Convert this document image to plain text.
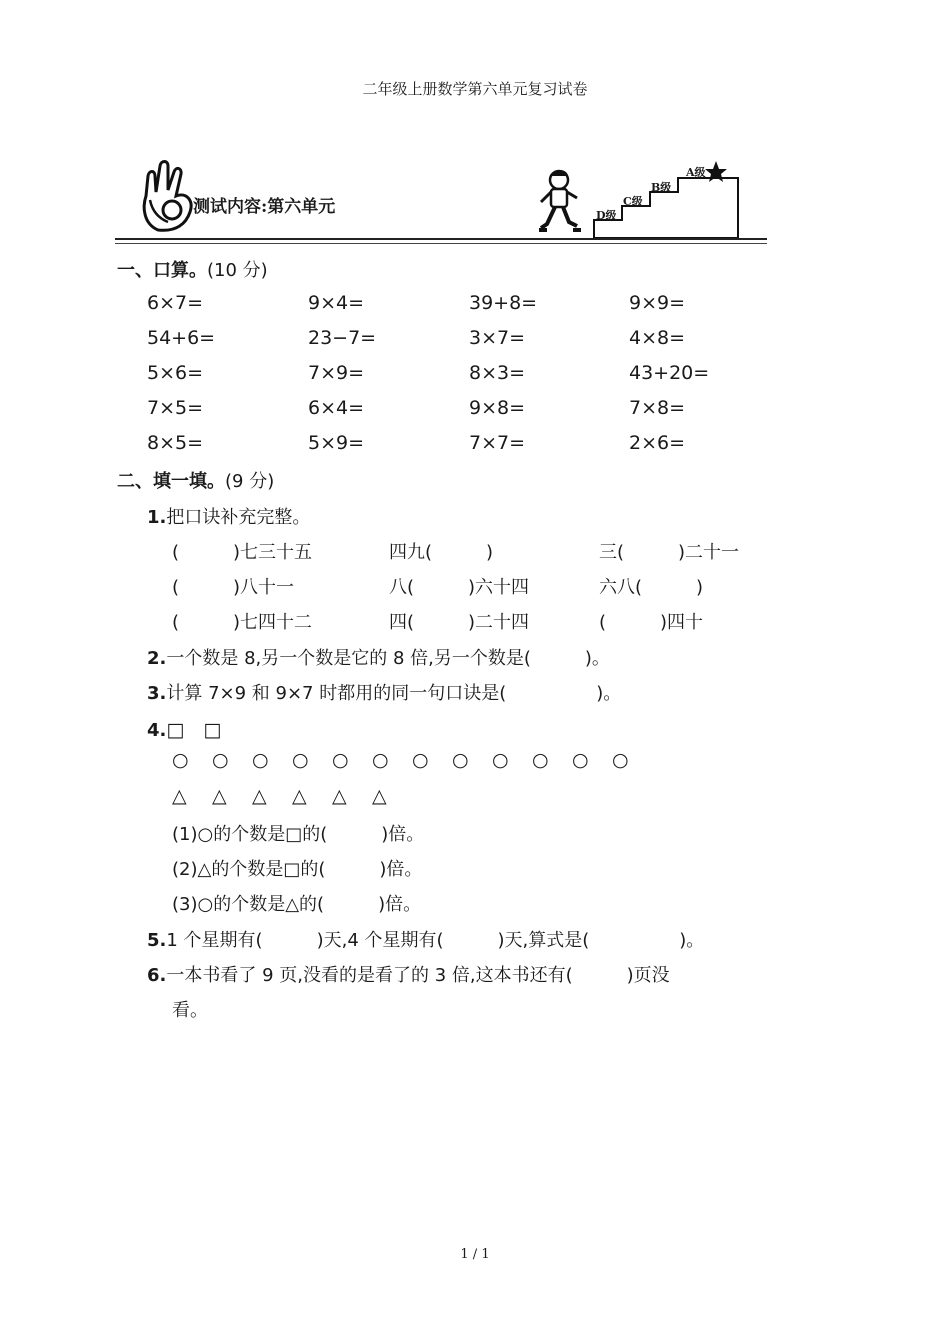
二年级上册数学第六单元复习试卷
测试内容:第六单元	D级
C级
B级
A级
一、口算。(10 分)
6×7=	9×4=	39+8=	9×9=
54+6=	23−7=	3×7=	4×8=
5×6=	7×9=	8×3=	43+20=
7×5=	6×4=	9×8=	7×8=
8×5=	5×9=	7×7=	2×6=
二、填一填。(9 分)
1.把口诀补充完整。
(　　　)七三十五	四九(　　　)	三(　　　)二十一
(　　　)八十一	八(　　　)六十四	六八(　　　)
(　　　)七四十二	四(　　　)二十四	(　　　)四十
2.一个数是 8,另一个数是它的 8 倍,另一个数是(　　　)。
3.计算 7×9 和 9×7 时都用的同一句口诀是(　　　　　)。
4.□　□
○ ○ ○ ○ ○ ○ ○ ○ ○ ○ ○ ○
△ △ △ △ △ △
(1)○的个数是□的(　　　)倍。
(2)△的个数是□的(　　　)倍。
(3)○的个数是△的(　　　)倍。
5.1 个星期有(　　　)天,4 个星期有(　　　)天,算式是(　　　　　)。
6.一本书看了 9 页,没看的是看了的 3 倍,这本书还有(　　　)页没
看。
1 / 1
